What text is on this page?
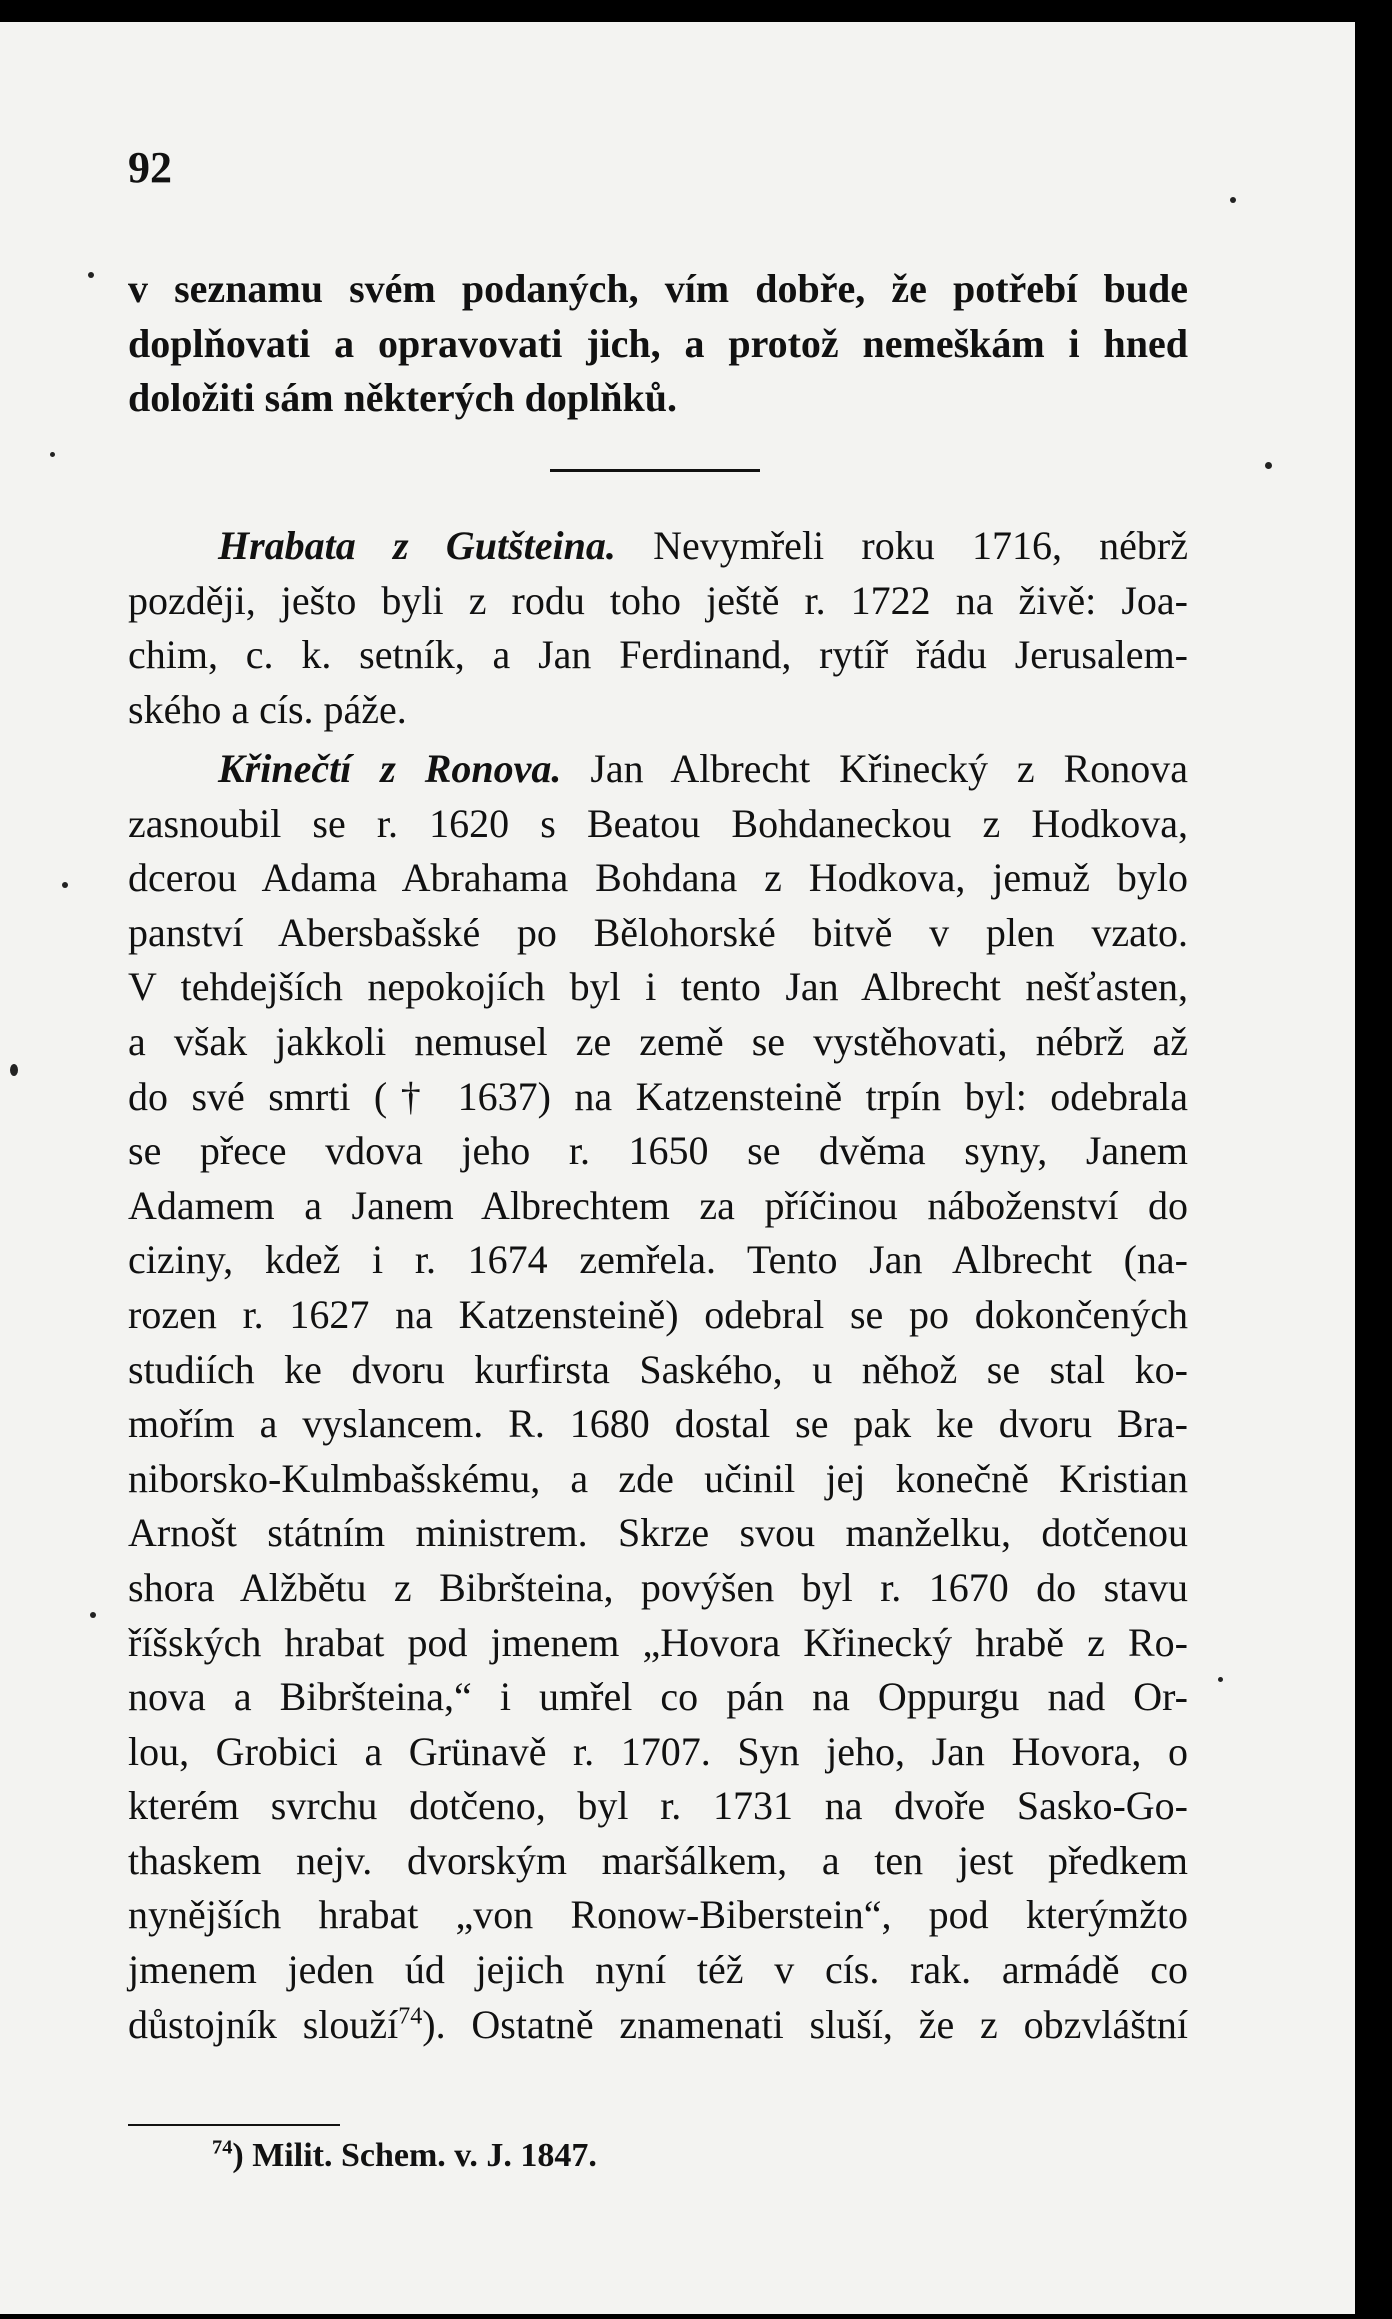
92
v seznamu svém podaných, vím dobře, že potřebí bude
doplňovati a opravovati jich, a protož nemeškám i hned
doložiti sám některých doplňků.
Hrabata z Gutšteina. Nevymřeli roku 1716, nébrž
později, ješto byli z rodu toho ještě r. 1722 na živě: Joa-
chim, c. k. setník, a Jan Ferdinand, rytíř řádu Jerusalem-
ského a cís. páže.
Křinečtí z Ronova. Jan Albrecht Křinecký z Ronova
zasnoubil se r. 1620 s Beatou Bohdaneckou z Hodkova,
dcerou Adama Abrahama Bohdana z Hodkova, jemuž bylo
panství Abersbašské po Bělohorské bitvě v plen vzato.
V tehdejších nepokojích byl i tento Jan Albrecht nešťasten,
a však jakkoli nemusel ze země se vystěhovati, nébrž až
do své smrti († 1637) na Katzensteině trpín byl: odebrala
se přece vdova jeho r. 1650 se dvěma syny, Janem
Adamem a Janem Albrechtem za příčinou náboženství do
ciziny, kdež i r. 1674 zemřela. Tento Jan Albrecht (na-
rozen r. 1627 na Katzensteině) odebral se po dokončených
studiích ke dvoru kurfirsta Saského, u něhož se stal ko-
mořím a vyslancem. R. 1680 dostal se pak ke dvoru Bra-
niborsko-Kulmbašskému, a zde učinil jej konečně Kristian
Arnošt státním ministrem. Skrze svou manželku, dotčenou
shora Alžbětu z Bibršteina, povýšen byl r. 1670 do stavu
říšských hrabat pod jmenem „Hovora Křinecký hrabě z Ro-
nova a Bibršteina,“ i umřel co pán na Oppurgu nad Or-
lou, Grobici a Grünavě r. 1707. Syn jeho, Jan Hovora, o
kterém svrchu dotčeno, byl r. 1731 na dvoře Sasko-Go-
thaskem nejv. dvorským maršálkem, a ten jest předkem
nynějších hrabat „von Ronow-Biberstein“, pod kterýmžto
jmenem jeden úd jejich nyní též v cís. rak. armádě co
důstojník slouží$^{74}$). Ostatně znamenati sluší, že z obzvláštní
$^{74}$) Milit. Schem. v. J. 1847.
